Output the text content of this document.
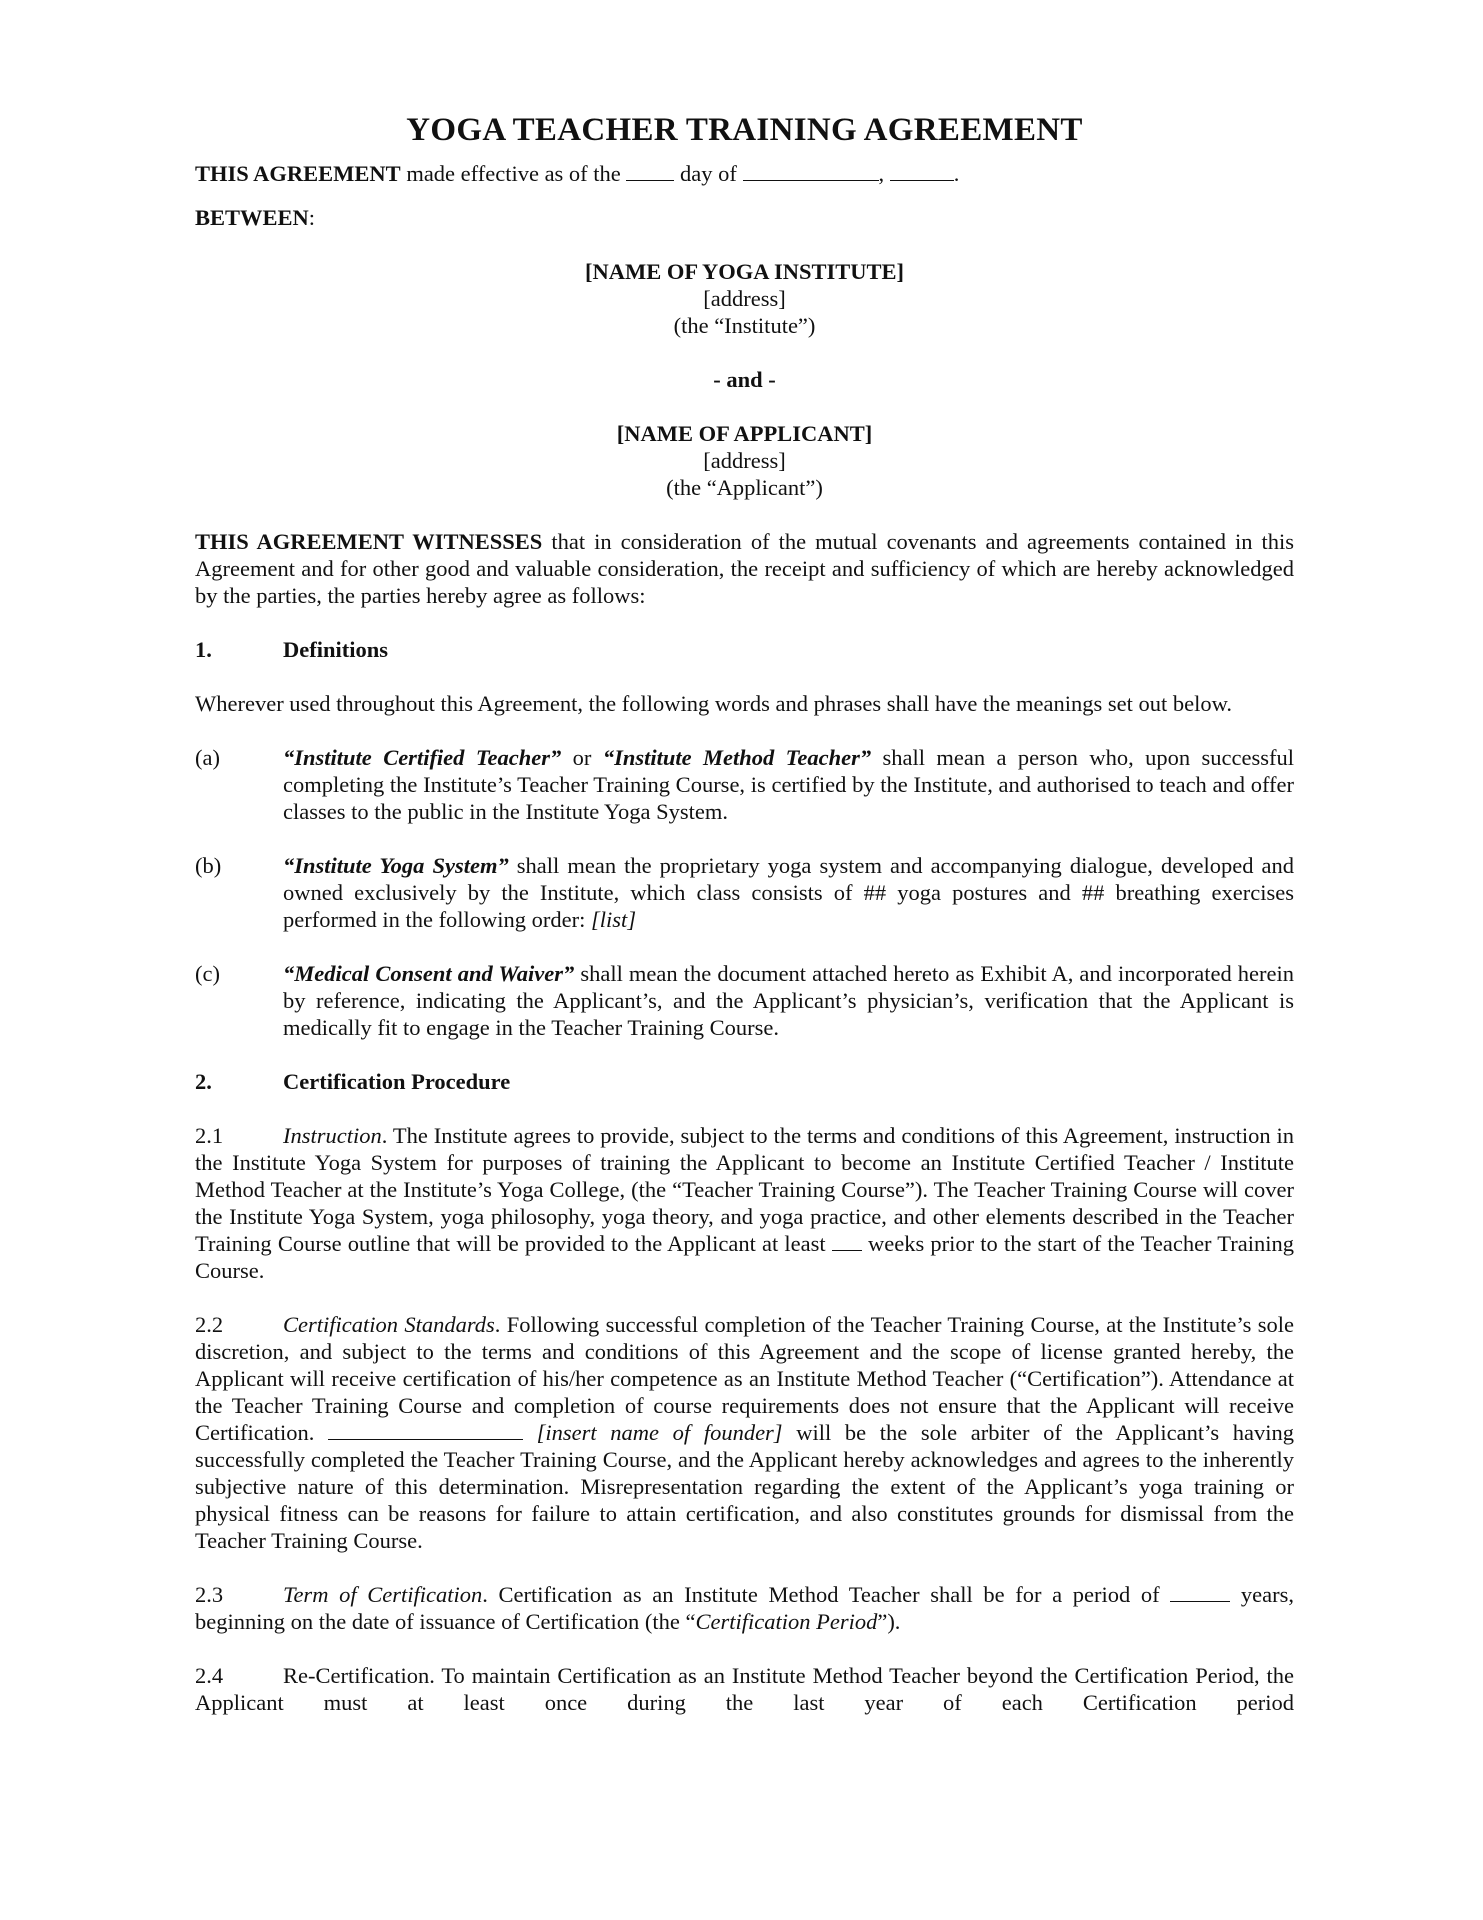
YOGA TEACHER TRAINING AGREEMENT

THIS AGREEMENT made effective as of the  day of	,	.

BETWEEN:

[NAME OF YOGA INSTITUTE]

[address]

(the “Institute”)

- and -

[NAME OF APPLICANT]

[address]

(the “Applicant”)

THIS AGREEMENT WITNESSES that in consideration of the mutual covenants and agreements contained in this Agreement and for other good and valuable consideration, the receipt and sufficiency of which are hereby acknowledged by the parties, the parties hereby agree as follows:

1.	Definitions

Wherever used throughout this Agreement, the following words and phrases shall have the meanings set out below.

(a)	“Institute Certified Teacher” or “Institute Method Teacher” shall mean a person who, upon successful completing the Institute’s Teacher Training Course, is certified by the Institute, and authorised to teach and offer classes to the public in the Institute Yoga System.
(b)	“Institute Yoga System” shall mean the proprietary yoga system and accompanying dialogue, developed and owned exclusively by the Institute, which class consists of ## yoga postures and ## breathing exercises performed in the following order: [list]
(c)	“Medical Consent and Waiver” shall mean the document attached hereto as Exhibit A, and incorporated herein by reference, indicating the Applicant’s, and the Applicant’s physician’s, verification that the Applicant is medically fit to engage in the Teacher Training Course.
2.	Certification Procedure

2.1	Instruction. The Institute agrees to provide, subject to the terms and conditions of this Agreement, instruction in the Institute Yoga System for purposes of training the Applicant to become an Institute Certified Teacher / Institute Method Teacher at the Institute’s Yoga College, (the “Teacher Training Course”). The Teacher Training Course will cover the Institute Yoga System, yoga philosophy, yoga theory, and yoga practice, and other elements described in the Teacher Training Course outline that will be provided to the Applicant at least  weeks prior to the start of the Teacher Training Course.

2.2	Certification Standards. Following successful completion of the Teacher Training Course, at the Institute’s sole discretion, and subject to the terms and conditions of this Agreement and the scope of license granted hereby, the Applicant will receive certification of his/her competence as an Institute Method Teacher (“Certification”). Attendance at the Teacher Training Course and completion of course requirements does not ensure that the Applicant will receive Certification.	[insert name of founder] will be the sole arbiter of the Applicant’s having successfully completed the Teacher Training Course, and the Applicant hereby acknowledges and agrees to the inherently subjective nature of this determination. Misrepresentation regarding the extent of the Applicant’s yoga training or physical fitness can be reasons for failure to attain certification, and also constitutes grounds for dismissal from the Teacher Training Course.

2.3	Term of Certification. Certification as an Institute Method Teacher shall be for a period of	years, beginning on the date of issuance of Certification (the “Certification Period”).

2.4	Re-Certification. To maintain Certification as an Institute Method Teacher beyond the Certification Period, the Applicant must at least once during the last year of each Certification period
